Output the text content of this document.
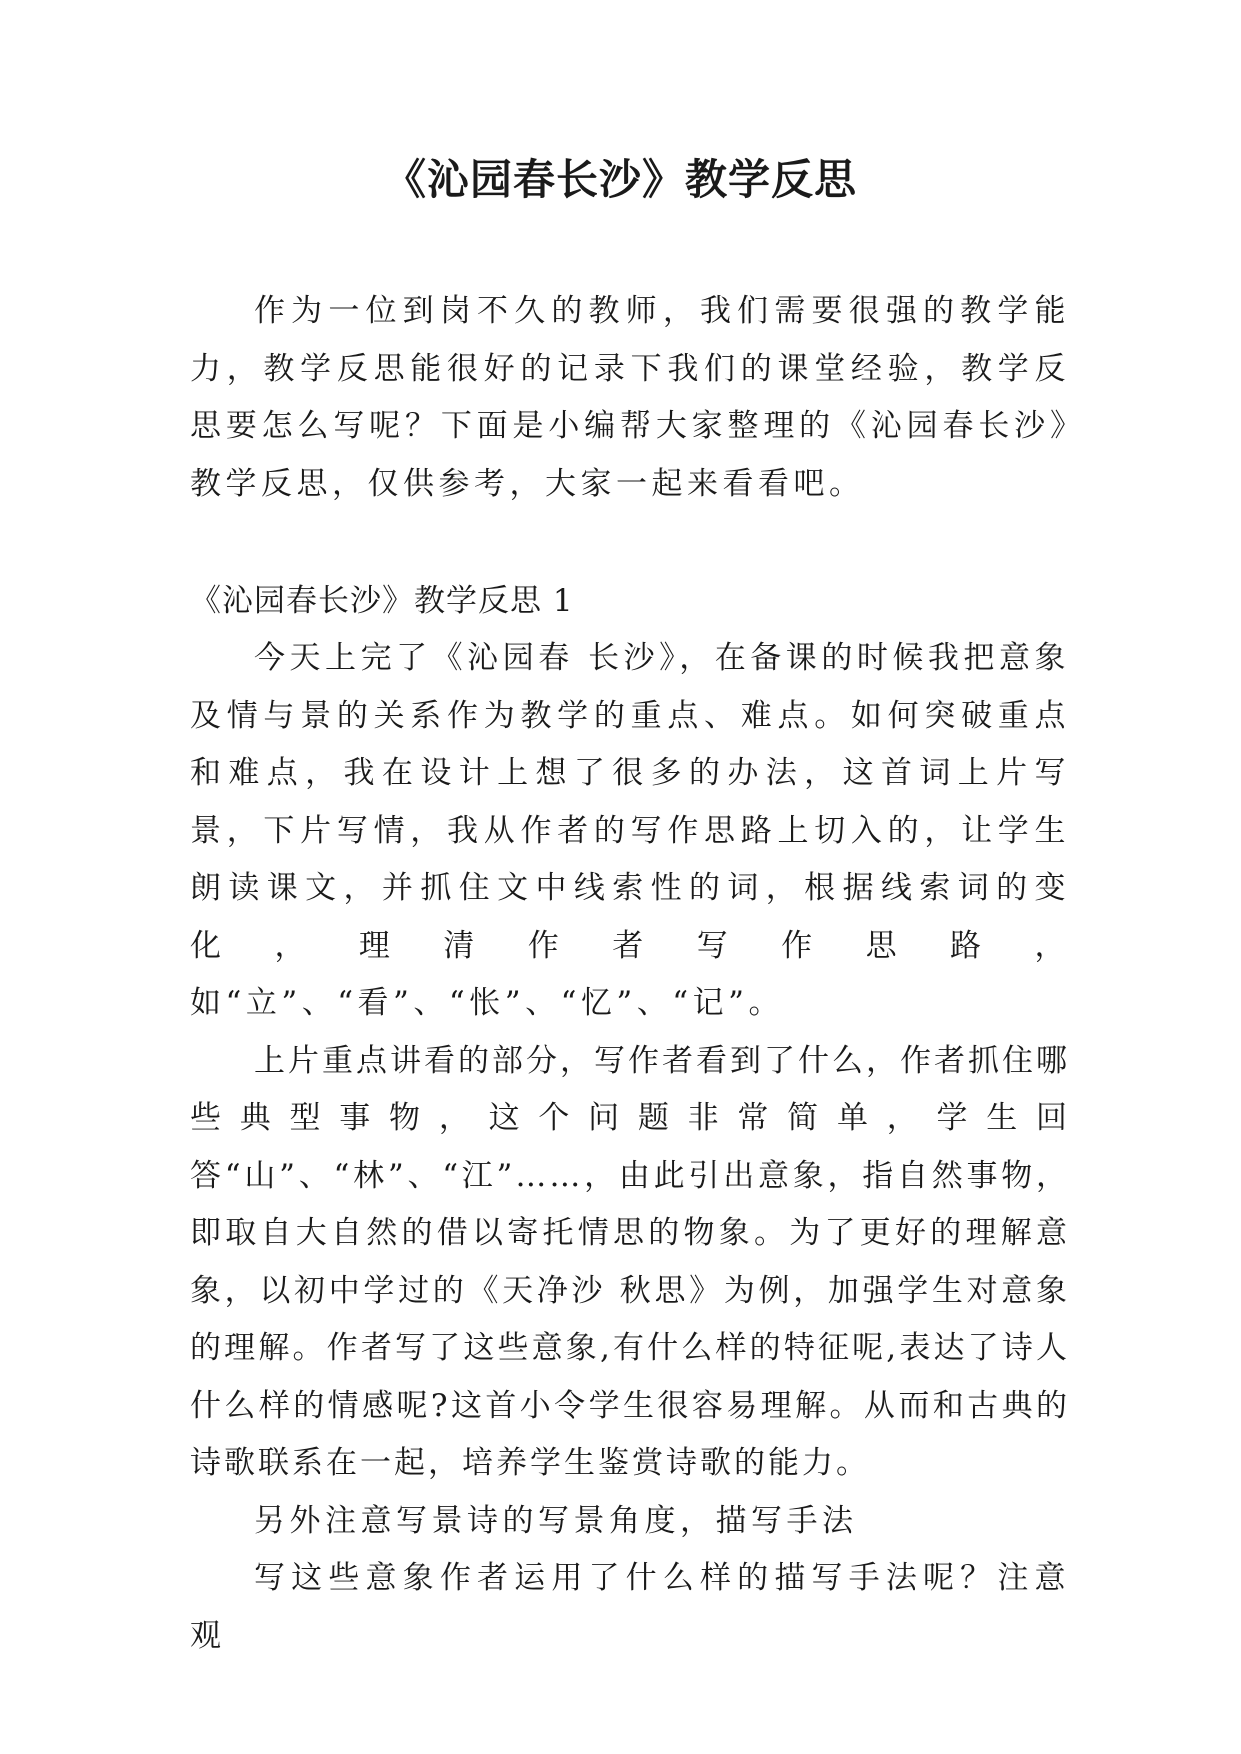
《沁园春长沙》教学反思

作为一位到岗不久的教师，我们需要很强的教学能力，教学反思能很好的记录下我们的课堂经验，教学反思要怎么写呢？下面是小编帮大家整理的《沁园春长沙》教学反思，仅供参考，大家一起来看看吧。

《沁园春长沙》教学反思 1

今天上完了《沁园春 长沙》，在备课的时候我把意象及情与景的关系作为教学的重点、难点。如何突破重点和难点，我在设计上想了很多的办法，这首词上片写景，下片写情，我从作者的写作思路上切入的，让学生朗读课文，并抓住文中线索性的词，根据线索词的变化，理清作者写作思路，如“立”、“看”、“怅”、“忆”、“记”。

上片重点讲看的部分，写作者看到了什么，作者抓住哪些典型事物，这个问题非常简单，学生回答“山”、“林”、“江”……，由此引出意象，指自然事物，即取自大自然的借以寄托情思的物象。为了更好的理解意象，以初中学过的《天净沙 秋思》为例，加强学生对意象的理解。作者写了这些意象,有什么样的特征呢,表达了诗人什么样的情感呢?这首小令学生很容易理解。从而和古典的诗歌联系在一起，培养学生鉴赏诗歌的能力。

另外注意写景诗的写景角度，描写手法

写这些意象作者运用了什么样的描写手法呢？注意观
